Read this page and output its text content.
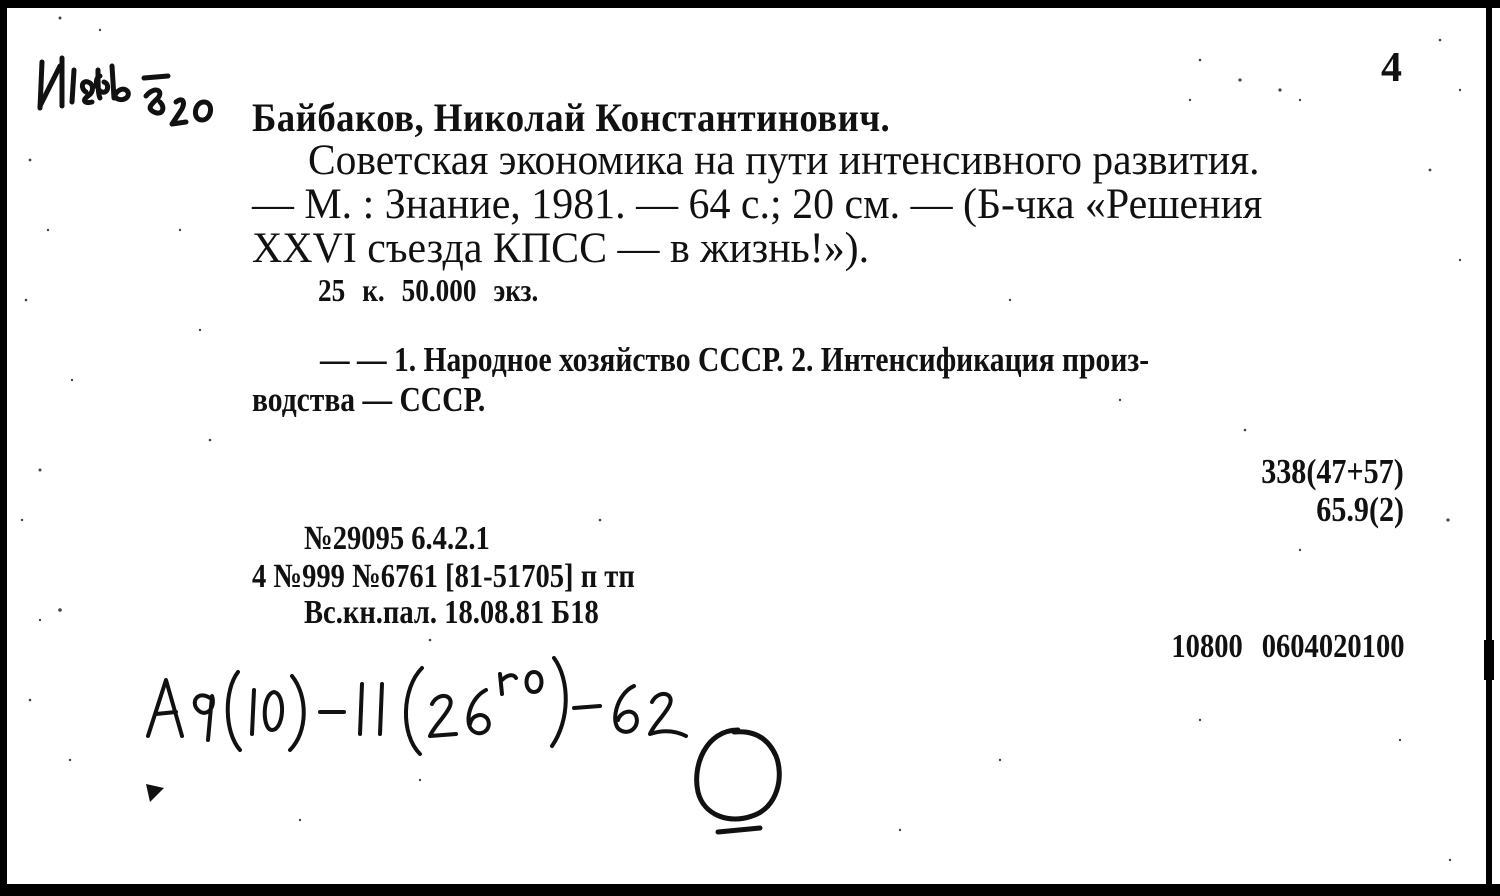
4
Байбаков, Николай Константинович.
Советская экономика на пути интенсивного развития.
— М. : Знание, 1981. — 64 с.; 20 см. — (Б-чка «Решения
XXVI съезда КПСС — в жизнь!»).
25 к. 50.000 экз.
— — 1. Народное хозяйство СССР. 2. Интенсификация произ-
водства — СССР.
338(47+57)
65.9(2)
№29095 6.4.2.1
4 №999 №6761 [81-51705] п тп
Вс.кн.пал. 18.08.81 Б18
10800 0604020100
